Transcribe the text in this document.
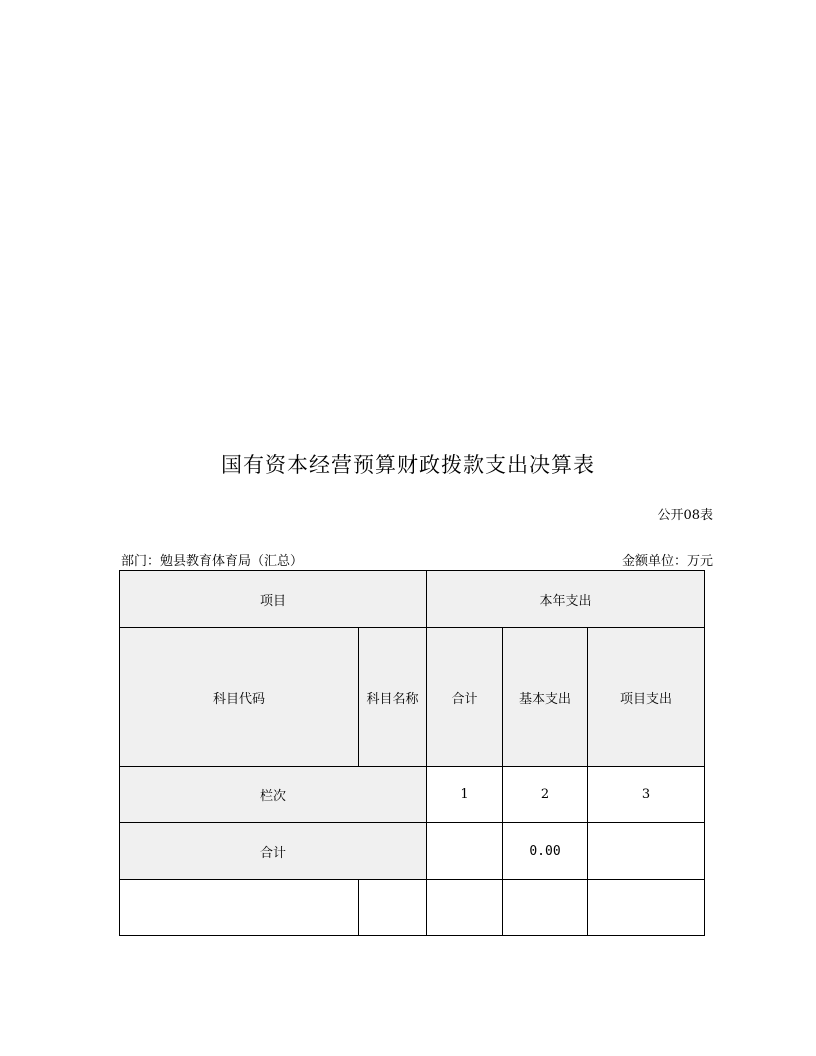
国有资本经营预算财政拨款支出决算表
公开08表
部门：勉县教育体育局（汇总）	金额单位：万元
项目		本年支出		
科目代码	科目名称	合计	基本支出	项目支出
栏次		1	2	3
合计			0.00	
